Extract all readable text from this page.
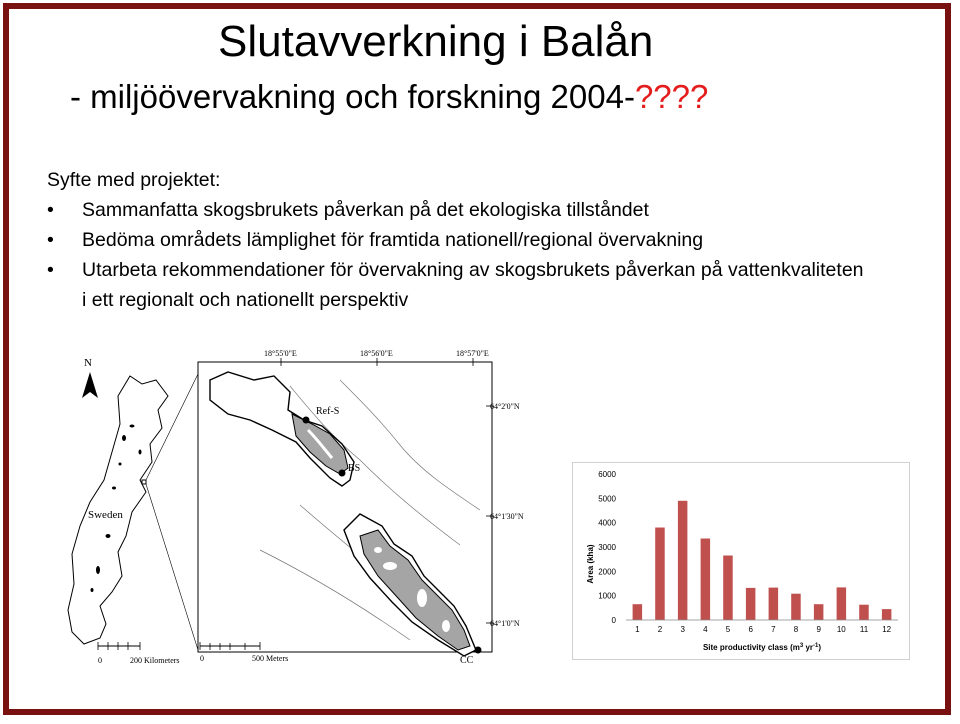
Slutavverkning i Balån
- miljöövervakning och forskning 2004-????
Syfte med projektet:
• Sammanfatta skogsbrukets påverkan på det ekologiska tillståndet
• Bedöma områdets lämplighet för framtida nationell/regional övervakning
• Utarbeta rekommendationer för övervakning av skogsbrukets påverkan på vattenkvaliteten i ett regionalt och nationellt perspektiv
N
Sweden
0	200 Kilometers
18°55'0"E	18°56'0"E	18°57'0"E
64°2'0"N
64°1'30"N
64°1'0"N
Ref-S
BS
CC
0	500 Meters
0
1000
2000
3000
4000
5000
6000
1 2 3 4 5 6 7 8 9 10 11 12
Area (kha)
Site productivity class ($m^3$ $yr^{-1}$)
